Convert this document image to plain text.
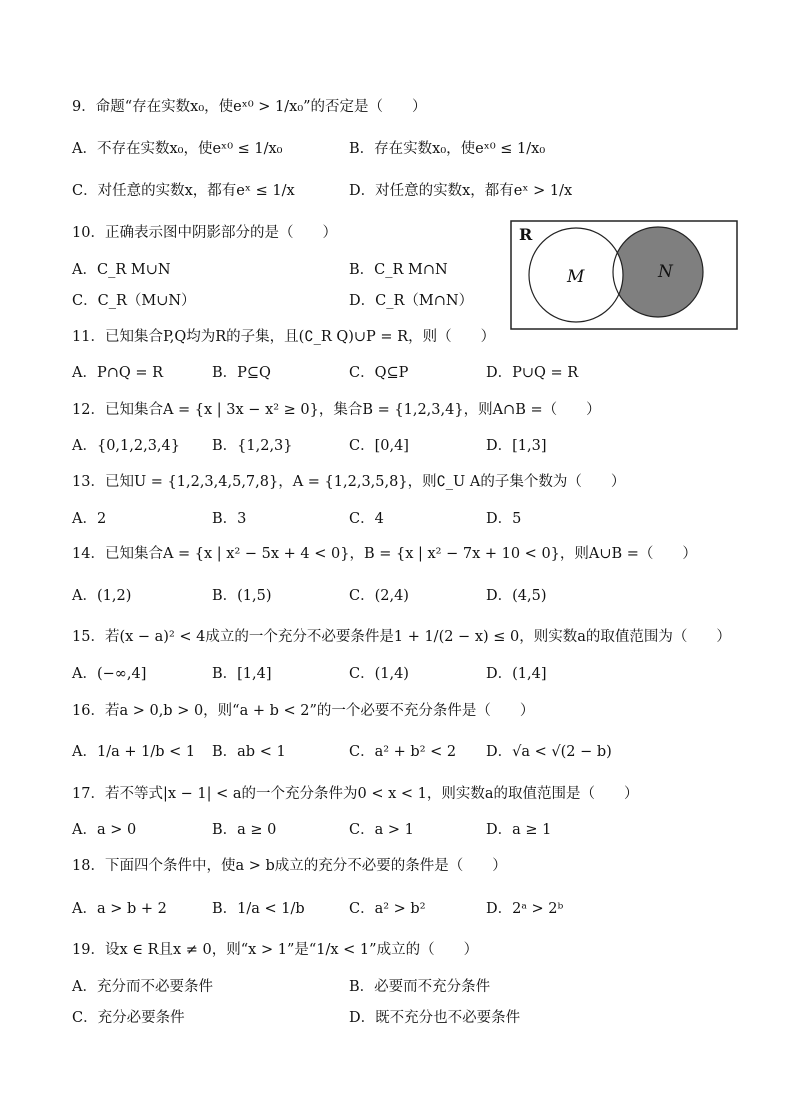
9．命题“存在实数x₀，使eˣ⁰ > 1/x₀”的否定是（　　）
A．不存在实数x₀，使eˣ⁰ ≤ 1/x₀	B．存在实数x₀，使eˣ⁰ ≤ 1/x₀
C．对任意的实数x，都有eˣ ≤ 1/x	D．对任意的实数x，都有eˣ > 1/x
10．正确表示图中阴影部分的是（　　）
A．C_R M∪N	B．C_R M∩N
C．C_R（M∪N）	D．C_R（M∩N）
R
M	N
11．已知集合P,Q均为R的子集，且(∁_R Q)∪P = R，则（　　）
A．P∩Q = R	B．P⊆Q	C．Q⊆P	D．P∪Q = R
12．已知集合A = {x | 3x − x² ≥ 0}，集合B = {1,2,3,4}，则A∩B =（　　）
A．{0,1,2,3,4} B．{1,2,3}	C．[0,4]	D．[1,3]
13．已知U = {1,2,3,4,5,7,8}，A = {1,2,3,5,8}，则∁_U A的子集个数为（　　）
A．2	B．3	C．4	D．5
14．已知集合A = {x | x² − 5x + 4 < 0}，B = {x | x² − 7x + 10 < 0}，则A∪B =（　　）
A．(1,2)	B．(1,5)	C．(2,4)	D．(4,5)
15．若(x − a)² < 4成立的一个充分不必要条件是1 + 1/(2 − x) ≤ 0，则实数a的取值范围为（　　）
A．(−∞,4]	B．[1,4]	C．(1,4)	D．(1,4]
16．若a > 0,b > 0，则“a + b < 2”的一个必要不充分条件是（　　）
A．1/a + 1/b < 1 B．ab < 1	C．a² + b² < 2 D．√a < √(2 − b)
17．若不等式|x − 1| < a的一个充分条件为0 < x < 1，则实数a的取值范围是（　　）
A．a > 0	B．a ≥ 0	C．a > 1	D．a ≥ 1
18．下面四个条件中，使a > b成立的充分不必要的条件是（　　）
A．a > b + 2	B．1/a < 1/b	C．a² > b²	D．2ᵃ > 2ᵇ
19．设x ∈ R且x ≠ 0，则“x > 1”是“1/x < 1”成立的（　　）
A．充分而不必要条件	B．必要而不充分条件
C．充分必要条件	D．既不充分也不必要条件
